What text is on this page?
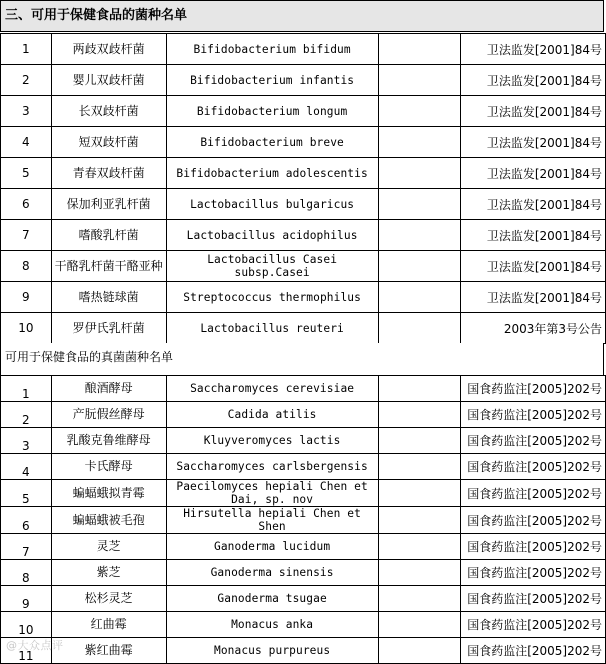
三、可用于保健食品的菌种名单
1	两歧双歧杆菌	Bifidobacterium bifidum		卫法监发[2001]84号
2	婴儿双歧杆菌	Bifidobacterium infantis		卫法监发[2001]84号
3	长双歧杆菌	Bifidobacterium longum		卫法监发[2001]84号
4	短双歧杆菌	Bifidobacterium breve		卫法监发[2001]84号
5	青春双歧杆菌	Bifidobacterium adolescentis		卫法监发[2001]84号
6	保加利亚乳杆菌	Lactobacillus bulgaricus		卫法监发[2001]84号
7	嗜酸乳杆菌	Lactobacillus acidophilus		卫法监发[2001]84号
8	干酪乳杆菌干酪亚种	Lactobacillus Casei subsp.Casei		卫法监发[2001]84号
9	嗜热链球菌	Streptococcus thermophilus		卫法监发[2001]84号
10	罗伊氏乳杆菌	Lactobacillus reuteri		2003年第3号公告
可用于保健食品的真菌菌种名单
1	酿酒酵母	Saccharomyces cerevisiae		国食药监注[2005]202号
2	产朊假丝酵母	Cadida atilis		国食药监注[2005]202号
3	乳酸克鲁维酵母	Kluyveromyces lactis		国食药监注[2005]202号
4	卡氏酵母	Saccharomyces carlsbergensis		国食药监注[2005]202号
5	蝙蝠蛾拟青霉	Paecilomyces hepiali Chen et Dai, sp. nov		国食药监注[2005]202号
6	蝙蝠蛾被毛孢	Hirsutella hepiali Chen et Shen		国食药监注[2005]202号
7	灵芝	Ganoderma lucidum		国食药监注[2005]202号
8	紫芝	Ganoderma sinensis		国食药监注[2005]202号
9	松杉灵芝	Ganoderma tsugae		国食药监注[2005]202号
10	红曲霉	Monacus anka		国食药监注[2005]202号
11	紫红曲霉	Monacus purpureus		国食药监注[2005]202号
@大众点评
